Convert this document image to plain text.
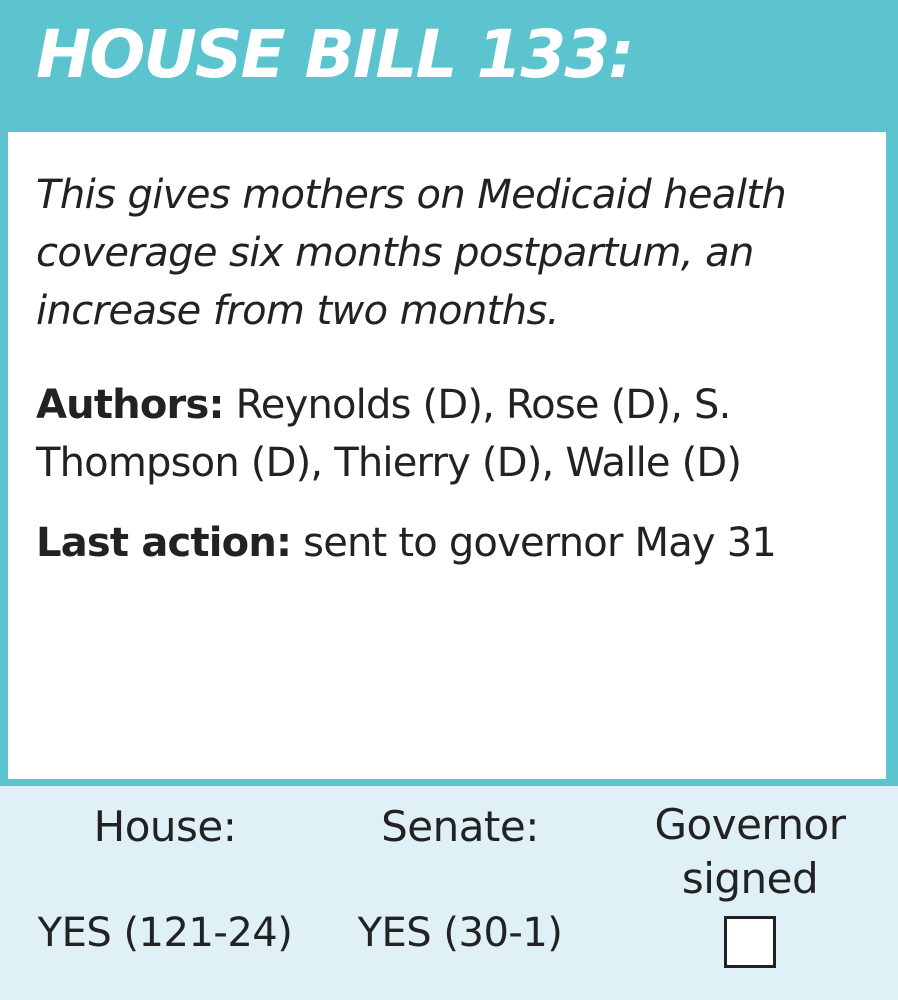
HOUSE BILL 133:

This gives mothers on Medicaid health coverage six months postpartum, an increase from two months.

Authors: Reynolds (D), Rose (D), S. Thompson (D), Thierry (D), Walle (D)

Last action: sent to governor May 31

House:

YES (121-24)

Senate:

YES (30-1)

Governor signed
